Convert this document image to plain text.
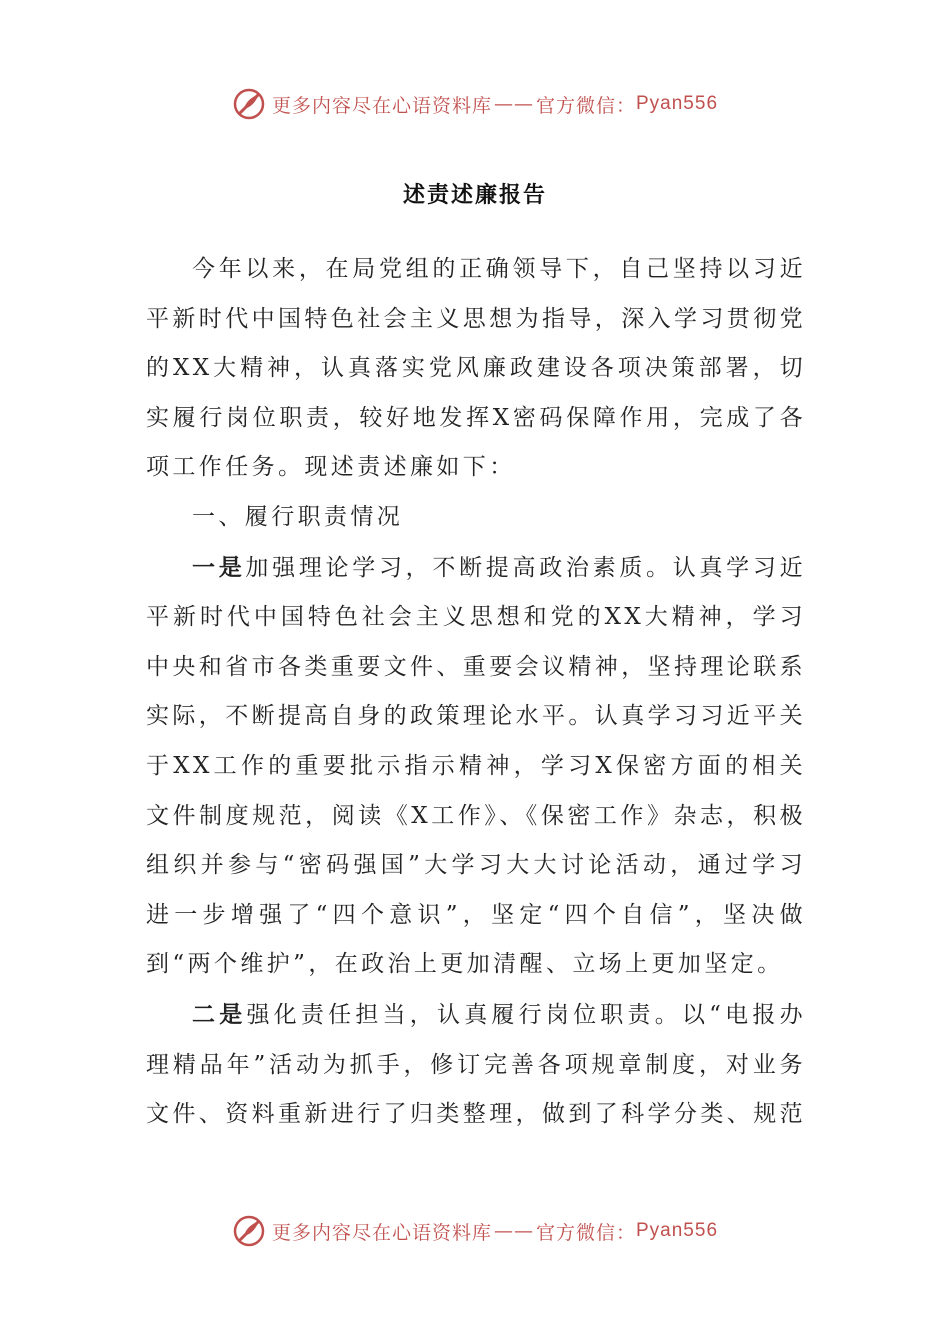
更多内容尽在心语资料库 —— 官方微信： Pyan556
述责述廉报告

今年以来，在局党组的正确领导下，自己坚持以习近平新时代中国特色社会主义思想为指导，深入学习贯彻党的XX大精神，认真落实党风廉政建设各项决策部署，切实履行岗位职责，较好地发挥X密码保障作用，完成了各项工作任务。现述责述廉如下：

一、履行职责情况

一是加强理论学习，不断提高政治素质。认真学习近平新时代中国特色社会主义思想和党的XX大精神，学习中央和省市各类重要文件、重要会议精神，坚持理论联系实际，不断提高自身的政策理论水平。认真学习习近平关于XX工作的重要批示指示精神，学习X保密方面的相关文件制度规范，阅读《X工作》、《保密工作》杂志，积极组织并参与“密码强国”大学习大大讨论活动，通过学习进一步增强了“四个意识”，坚定“四个自信”，坚决做到“两个维护”，在政治上更加清醒、立场上更加坚定。

二是强化责任担当，认真履行岗位职责。以“电报办理精品年”活动为抓手，修订完善各项规章制度，对业务文件、资料重新进行了归类整理，做到了科学分类、规范

更多内容尽在心语资料库 —— 官方微信： Pyan556
